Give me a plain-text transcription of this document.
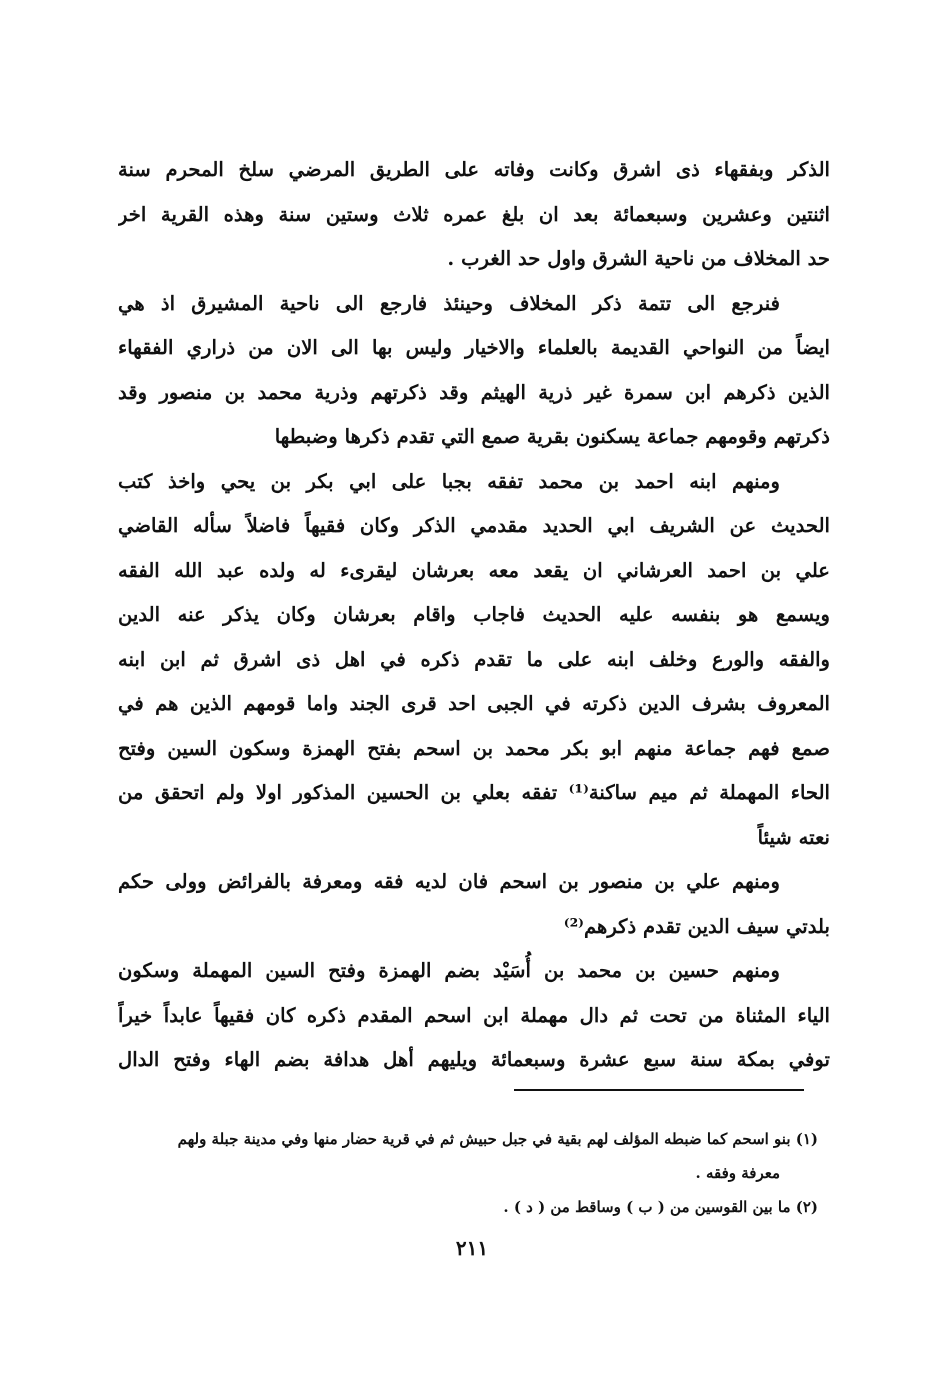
الذكر وبفقهاء ذى اشرق وكانت وفاته على الطريق المرضي سلخ المحرم سنة
اثنتين وعشرين وسبعمائة بعد ان بلغ عمره ثلاث وستين سنة وهذه القرية اخر
حد المخلاف من ناحية الشرق واول حد الغرب .
فنرجع الى تتمة ذكر المخلاف وحينئذ فارجع الى ناحية المشيرق اذ هي
ايضاً من النواحي القديمة بالعلماء والاخيار وليس بها الى الان من ذراري الفقهاء
الذين ذكرهم ابن سمرة غير ذرية الهيثم وقد ذكرتهم وذرية محمد بن منصور وقد
ذكرتهم وقومهم جماعة يسكنون بقرية صمع التي تقدم ذكرها وضبطها
ومنهم ابنه احمد بن محمد تفقه بجبا على ابي بكر بن يحي واخذ كتب
الحديث عن الشريف ابي الحديد مقدمي الذكر وكان فقيهاً فاضلاً سأله القاضي
علي بن احمد العرشاني ان يقعد معه بعرشان ليقرىء له ولده عبد الله الفقه
ويسمع هو بنفسه عليه الحديث فاجاب واقام بعرشان وكان يذكر عنه الدين
والفقه والورع وخلف ابنه على ما تقدم ذكره في اهل ذى اشرق ثم ابن ابنه
المعروف بشرف الدين ذكرته في الجبى احد قرى الجند واما قومهم الذين هم في
صمع فهم جماعة منهم ابو بكر محمد بن اسحم بفتح الهمزة وسكون السين وفتح
الحاء المهملة ثم ميم ساكنة⁽¹⁾ تفقه بعلي بن الحسين المذكور اولا ولم اتحقق من
نعته شيئاً
ومنهم علي بن منصور بن اسحم فان لديه فقه ومعرفة بالفرائض وولى حكم
بلدتي سيف الدين تقدم ذكرهم⁽²⁾
ومنهم حسين بن محمد بن أُسَيْد بضم الهمزة وفتح السين المهملة وسكون
الياء المثناة من تحت ثم دال مهملة ابن اسحم المقدم ذكره كان فقيهاً عابداً خيراً
توفي بمكة سنة سبع عشرة وسبعمائة ويليهم أهل هدافة بضم الهاء وفتح الدال
(١) بنو اسحم كما ضبطه المؤلف لهم بقية في جبل حبيش ثم في قرية حضار منها وفي مدينة جبلة ولهم
معرفة وفقه .
(٢) ما بين القوسين من ( ب ) وساقط من ( د ) .
٢١١
